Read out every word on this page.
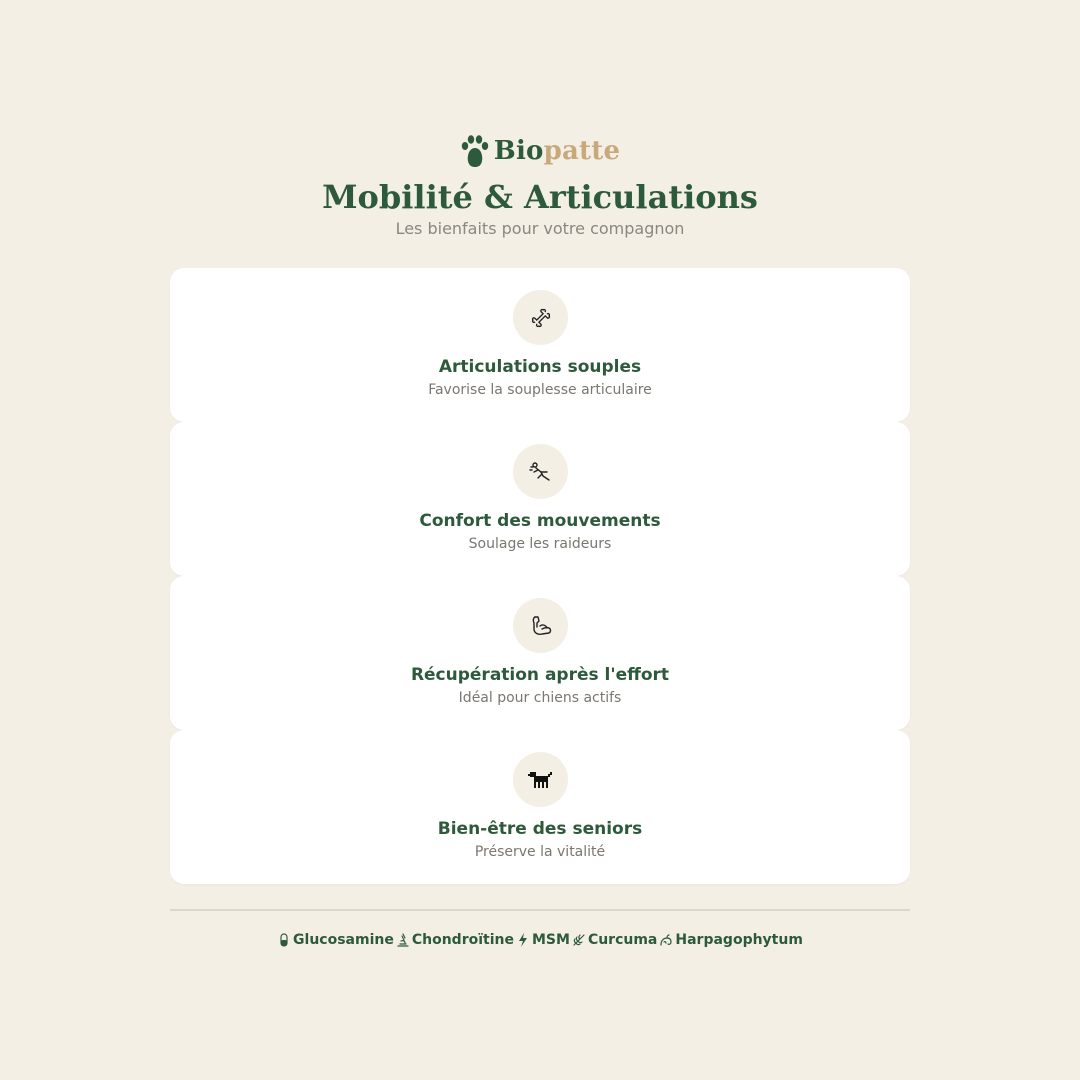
Biopatte
Mobilité & Articulations
Les bienfaits pour votre compagnon
Articulations souples
Favorise la souplesse articulaire
Confort des mouvements
Soulage les raideurs
Récupération après l'effort
Idéal pour chiens actifs
Bien-être des seniors
Préserve la vitalité
Glucosamine Chondroïtine MSM Curcuma Harpagophytum
